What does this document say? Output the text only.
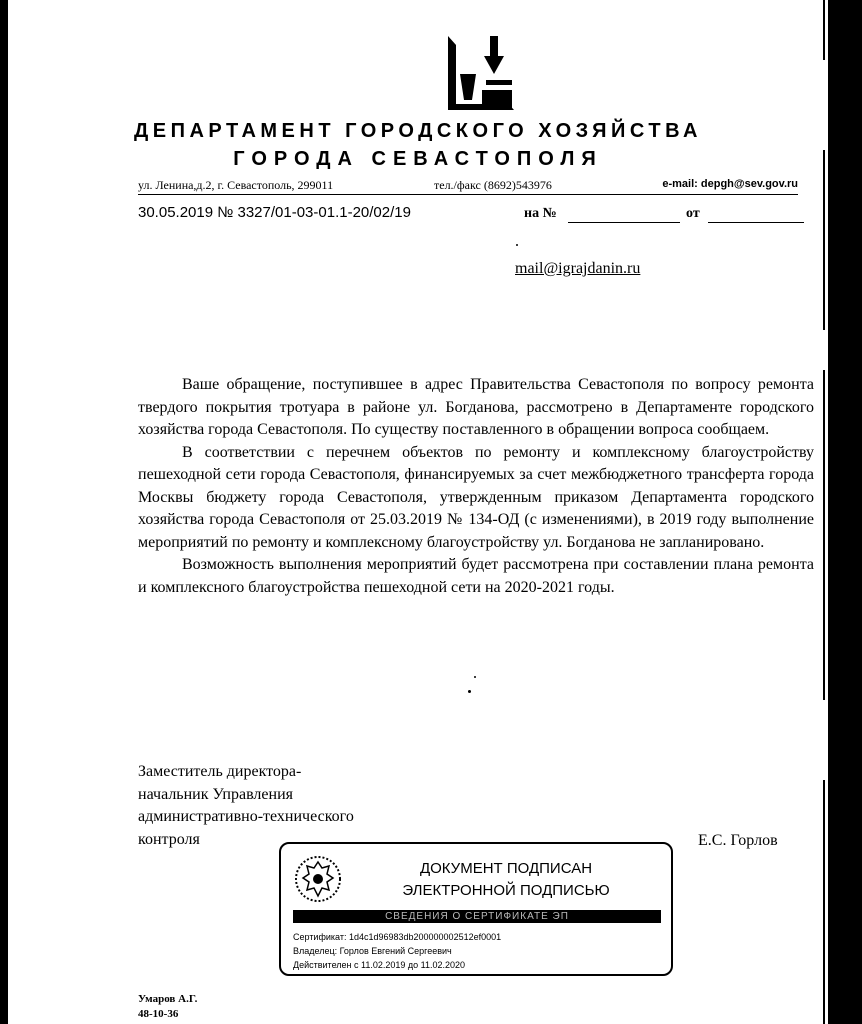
ДЕПАРТАМЕНТ ГОРОДСКОГО ХОЗЯЙСТВА
ГОРОДА СЕВАСТОПОЛЯ
ул. Ленина,д.2, г. Севастополь, 299011	тел./факс (8692)543976	e-mail: depgh@sev.gov.ru
30.05.2019 № 3327/01-03-01.1-20/02/19	на №	от
mail@igrajdanin.ru

Ваше обращение, поступившее в адрес Правительства Севастополя по вопросу ремонта твердого покрытия тротуара в районе ул. Богданова, рассмотрено в Департаменте городского хозяйства города Севастополя. По существу поставленного в обращении вопроса сообщаем.

В соответствии с перечнем объектов по ремонту и комплексному благоустройству пешеходной сети города Севастополя, финансируемых за счет межбюджетного трансферта города Москвы бюджету города Севастополя, утвержденным приказом Департамента городского хозяйства города Севастополя от 25.03.2019 № 134-ОД (с изменениями), в 2019 году выполнение мероприятий по ремонту и комплексному благоустройству ул. Богданова не запланировано.

Возможность выполнения мероприятий будет рассмотрена при составлении плана ремонта и комплексного благоустройства пешеходной сети на 2020-2021 годы.

Заместитель директора-
начальник Управления
административно-технического
контроля	Е.С. Горлов
ДОКУМЕНТ ПОДПИСАН
ЭЛЕКТРОННОЙ ПОДПИСЬЮ
СВЕДЕНИЯ О СЕРТИФИКАТЕ ЭП
Сертификат: 1d4c1d96983db200000002512ef0001
Владелец: Горлов Евгений Сергеевич
Действителен с 11.02.2019 до 11.02.2020
Умаров А.Г.
48-10-36
